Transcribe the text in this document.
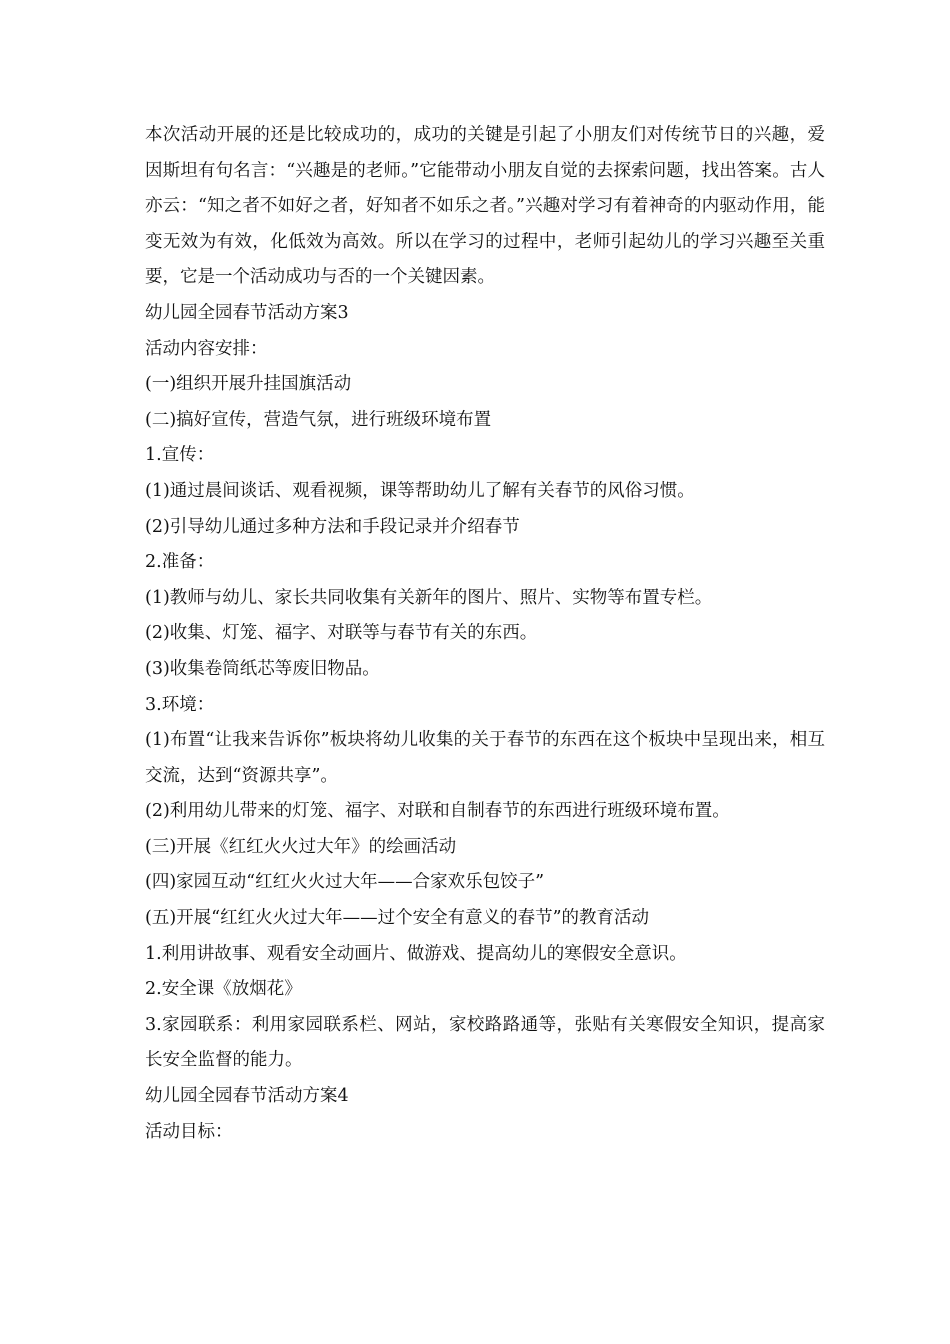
本次活动开展的还是比较成功的，成功的关键是引起了小朋友们对传统节日的兴趣，爱因斯坦有句名言：“兴趣是的老师。”它能带动小朋友自觉的去探索问题，找出答案。古人亦云：“知之者不如好之者，好知者不如乐之者。”兴趣对学习有着神奇的内驱动作用，能变无效为有效，化低效为高效。所以在学习的过程中，老师引起幼儿的学习兴趣至关重要，它是一个活动成功与否的一个关键因素。

幼儿园全园春节活动方案3

活动内容安排：

(一)组织开展升挂国旗活动

(二)搞好宣传，营造气氛，进行班级环境布置

1.宣传：

(1)通过晨间谈话、观看视频，课等帮助幼儿了解有关春节的风俗习惯。

(2)引导幼儿通过多种方法和手段记录并介绍春节

2.准备：

(1)教师与幼儿、家长共同收集有关新年的图片、照片、实物等布置专栏。

(2)收集、灯笼、福字、对联等与春节有关的东西。

(3)收集卷筒纸芯等废旧物品。

3.环境：

(1)布置“让我来告诉你”板块将幼儿收集的关于春节的东西在这个板块中呈现出来，相互交流，达到“资源共享”。

(2)利用幼儿带来的灯笼、福字、对联和自制春节的东西进行班级环境布置。

(三)开展《红红火火过大年》的绘画活动

(四)家园互动“红红火火过大年——合家欢乐包饺子”

(五)开展“红红火火过大年——过个安全有意义的春节”的教育活动

1.利用讲故事、观看安全动画片、做游戏、提高幼儿的寒假安全意识。

2.安全课《放烟花》

3.家园联系：利用家园联系栏、网站，家校路路通等，张贴有关寒假安全知识，提高家长安全监督的能力。

幼儿园全园春节活动方案4

活动目标：
